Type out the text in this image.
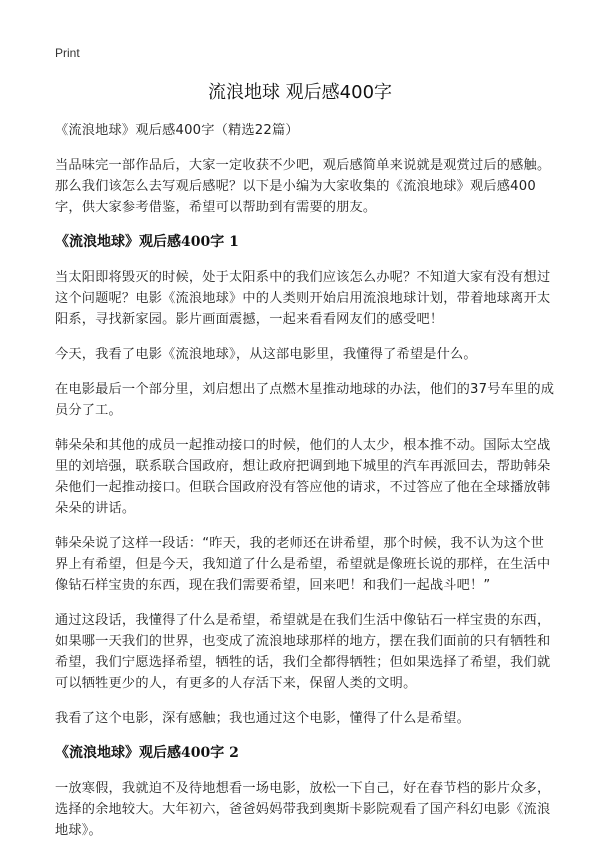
Print
流浪地球 观后感400字

《流浪地球》观后感400字（精选22篇）

当品味完一部作品后，大家一定收获不少吧，观后感简单来说就是观赏过后的感触。那么我们该怎么去写观后感呢？以下是小编为大家收集的《流浪地球》观后感400字，供大家参考借鉴，希望可以帮助到有需要的朋友。

《流浪地球》观后感400字 1

当太阳即将毁灭的时候，处于太阳系中的我们应该怎么办呢？不知道大家有没有想过这个问题呢？电影《流浪地球》中的人类则开始启用流浪地球计划，带着地球离开太阳系，寻找新家园。影片画面震撼，一起来看看网友们的感受吧！

今天，我看了电影《流浪地球》，从这部电影里，我懂得了希望是什么。

在电影最后一个部分里，刘启想出了点燃木星推动地球的办法，他们的37号车里的成员分了工。

韩朵朵和其他的成员一起推动接口的时候，他们的人太少，根本推不动。国际太空战里的刘培强，联系联合国政府，想让政府把调到地下城里的汽车再派回去，帮助韩朵朵他们一起推动接口。但联合国政府没有答应他的请求，不过答应了他在全球播放韩朵朵的讲话。

韩朵朵说了这样一段话：“昨天，我的老师还在讲希望，那个时候，我不认为这个世界上有希望，但是今天，我知道了什么是希望，希望就是像班长说的那样，在生活中像钻石样宝贵的东西，现在我们需要希望，回来吧！和我们一起战斗吧！”

通过这段话，我懂得了什么是希望，希望就是在我们生活中像钻石一样宝贵的东西，如果哪一天我们的世界，也变成了流浪地球那样的地方，摆在我们面前的只有牺牲和希望，我们宁愿选择希望，牺牲的话，我们全都得牺牲；但如果选择了希望，我们就可以牺牲更少的人，有更多的人存活下来，保留人类的文明。

我看了这个电影，深有感触；我也通过这个电影，懂得了什么是希望。

《流浪地球》观后感400字 2

一放寒假，我就迫不及待地想看一场电影，放松一下自己，好在春节档的影片众多，选择的余地较大。大年初六，爸爸妈妈带我到奥斯卡影院观看了国产科幻电影《流浪地球》。
